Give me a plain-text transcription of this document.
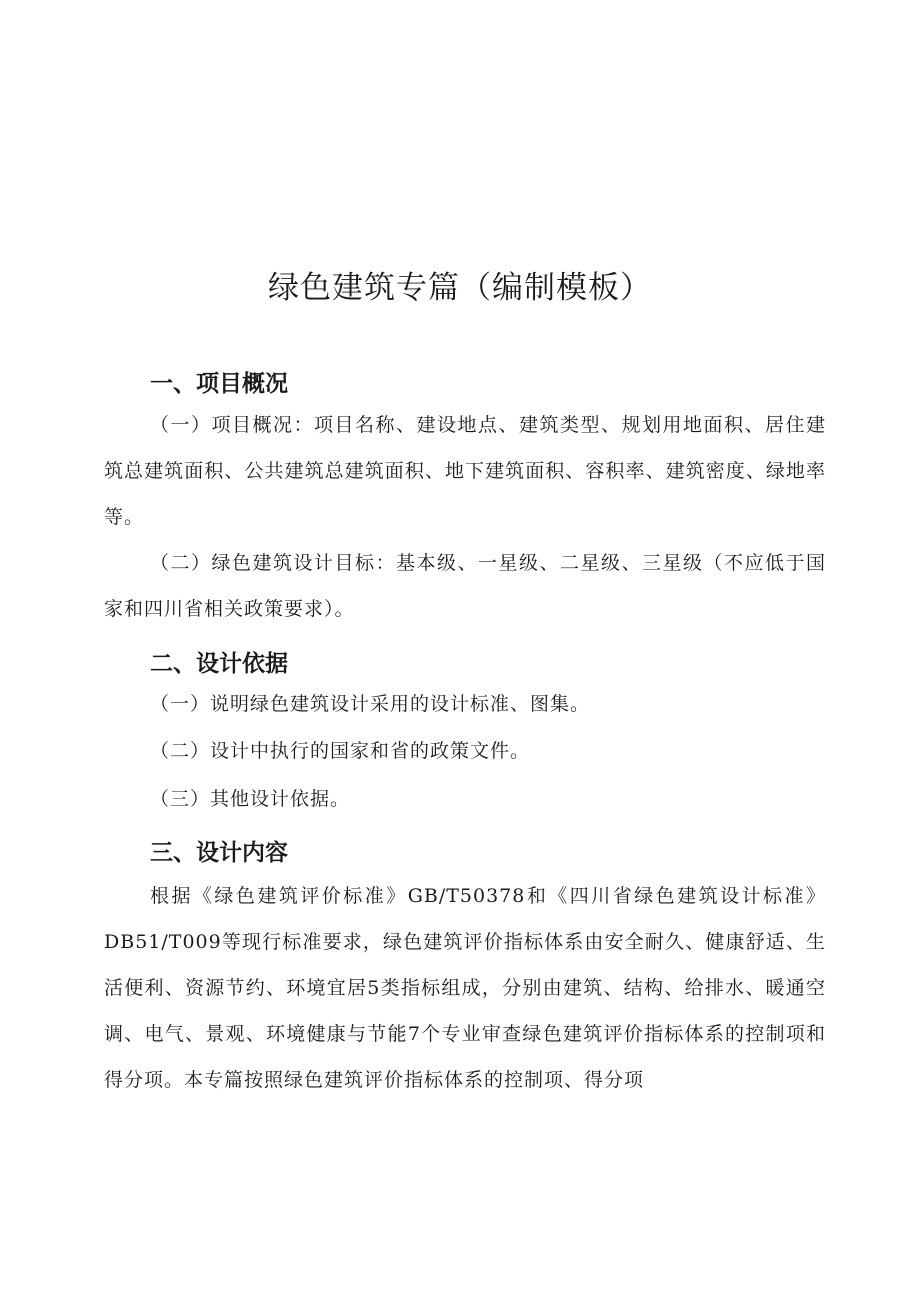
绿色建筑专篇（编制模板）
一、项目概况

（一）项目概况：项目名称、建设地点、建筑类型、规划用地面积、居住建筑总建筑面积、公共建筑总建筑面积、地下建筑面积、容积率、建筑密度、绿地率等。

（二）绿色建筑设计目标：基本级、一星级、二星级、三星级（不应低于国家和四川省相关政策要求）。

二、设计依据

（一）说明绿色建筑设计采用的设计标准、图集。

（二）设计中执行的国家和省的政策文件。

（三）其他设计依据。

三、设计内容

根据《绿色建筑评价标准》GB/T50378和《四川省绿色建筑设计标准》DB51/T009等现行标准要求，绿色建筑评价指标体系由安全耐久、健康舒适、生活便利、资源节约、环境宜居5类指标组成，分别由建筑、结构、给排水、暖通空调、电气、景观、环境健康与节能7个专业审查绿色建筑评价指标体系的控制项和得分项。本专篇按照绿色建筑评价指标体系的控制项、得分项
